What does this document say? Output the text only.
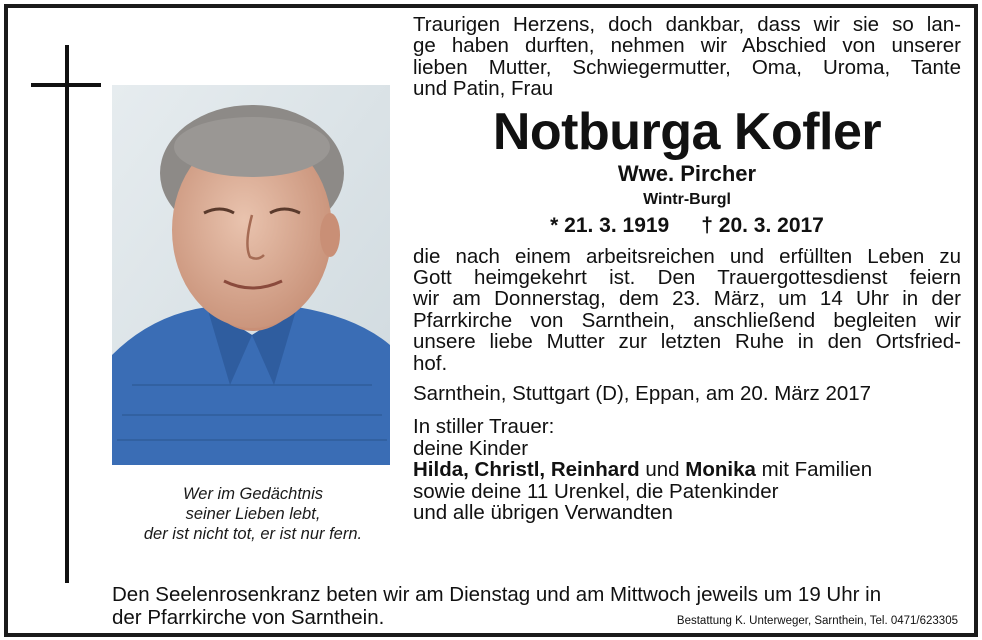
Wer im Gedächtnis
seiner Lieben lebt,
der ist nicht tot, er ist nur fern.
Traurigen Herzens, doch dankbar, dass wir sie so lan-
ge haben durften, nehmen wir Abschied von unserer
lieben Mutter, Schwiegermutter, Oma, Uroma, Tante
und Patin, Frau
Notburga Kofler
Wwe. Pircher
Wintr-Burgl
* 21. 3. 1919 † 20. 3. 2017
die nach einem arbeitsreichen und erfüllten Leben zu
Gott heimgekehrt ist. Den Trauergottesdienst feiern
wir am Donnerstag, dem 23. März, um 14 Uhr in der
Pfarrkirche von Sarnthein, anschließend begleiten wir
unsere liebe Mutter zur letzten Ruhe in den Ortsfried-
hof.
Sarnthein, Stuttgart (D), Eppan, am 20. März 2017
In stiller Trauer:
deine Kinder
Hilda, Christl, Reinhard und Monika mit Familien
sowie deine 11 Urenkel, die Patenkinder
und alle übrigen Verwandten
Den Seelenrosenkranz beten wir am Dienstag und am Mittwoch jeweils um 19 Uhr in
der Pfarrkirche von Sarnthein.	Bestattung K. Unterweger, Sarnthein, Tel. 0471/623305
